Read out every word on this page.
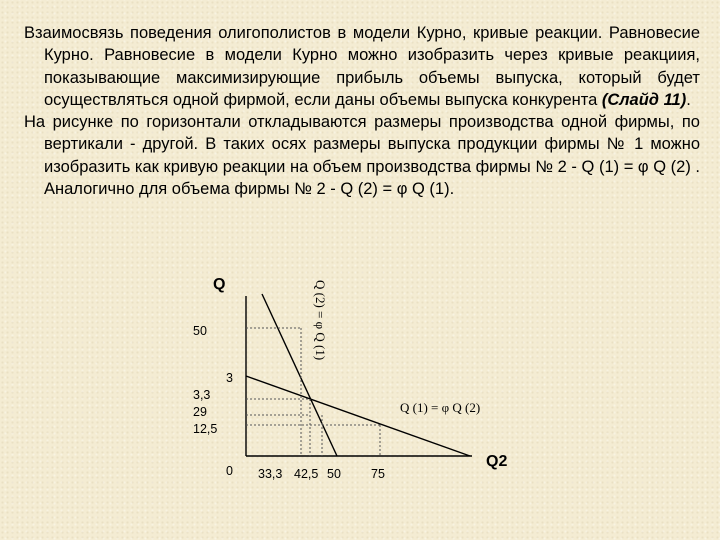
Взаимосвязь поведения олигополистов в модели Курно, кривые реакции. Равновесие Курно. Равновесие в модели Курно можно изобразить через кривые реакциия, показывающие максимизирующие прибыль объемы выпуска, который будет осуществляться одной фирмой, если даны объемы выпуска конкурента (Слайд 11).

На рисунке по горизонтали откладываются размеры производства одной фирмы, по вертикали - другой. В таких осях размеры выпуска продукции фирмы № 1 можно изобразить как кривую реакции на объем производства фирмы № 2 - Q (1) = φ Q (2) . Аналогично для объема фирмы № 2 - Q (2) = φ Q (1).

Q
Q2
0
50
3
3,3
29
12,5
33,3 42,5 50 75
Q (2) = φ Q (1)
Q (1) = φ Q (2)
